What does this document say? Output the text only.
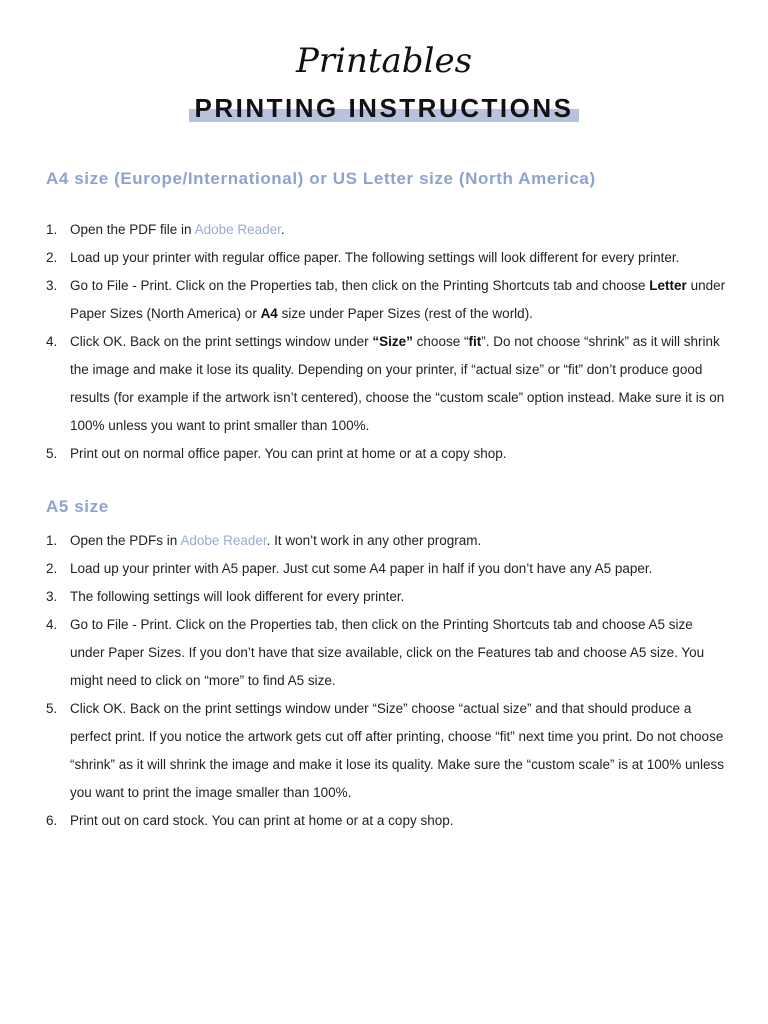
Printables
PRINTING INSTRUCTIONS
A4 size (Europe/International) or US Letter size (North America)
1. Open the PDF file in Adobe Reader.
2. Load up your printer with regular office paper. The following settings will look different for every printer.
3. Go to File - Print. Click on the Properties tab, then click on the Printing Shortcuts tab and choose Letter under Paper Sizes (North America) or A4 size under Paper Sizes (rest of the world).
4. Click OK. Back on the print settings window under “Size” choose “fit”. Do not choose “shrink” as it will shrink the image and make it lose its quality. Depending on your printer, if “actual size” or “fit” don’t produce good results (for example if the artwork isn’t centered), choose the “custom scale” option instead. Make sure it is on 100% unless you want to print smaller than 100%.
5. Print out on normal office paper. You can print at home or at a copy shop.
A5 size
1. Open the PDFs in Adobe Reader. It won’t work in any other program.
2. Load up your printer with A5 paper. Just cut some A4 paper in half if you don’t have any A5 paper.
3. The following settings will look different for every printer.
4. Go to File - Print. Click on the Properties tab, then click on the Printing Shortcuts tab and choose A5 size under Paper Sizes. If you don’t have that size available, click on the Features tab and choose A5 size. You might need to click on “more” to find A5 size.
5. Click OK. Back on the print settings window under “Size” choose “actual size” and that should produce a perfect print. If you notice the artwork gets cut off after printing, choose “fit” next time you print. Do not choose “shrink” as it will shrink the image and make it lose its quality. Make sure the “custom scale” is at 100% unless you want to print the image smaller than 100%.
6. Print out on card stock. You can print at home or at a copy shop.
